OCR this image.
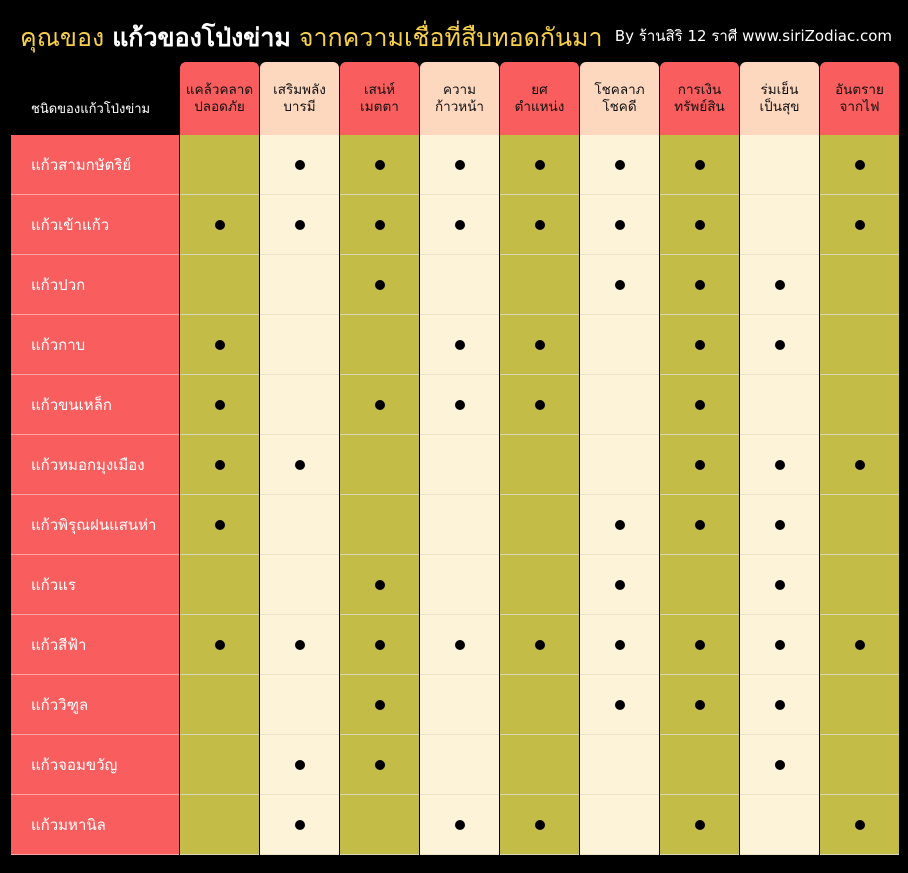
คุณของ แก้วของโป่งข่าม จากความเชื่อที่สืบทอดกันมา By ร้านสิริ 12 ราศี www.siriZodiac.com
ชนิดของแก้วโป่งข่าม
แคล้วคลาด
ปลอดภัย
เสริมพลัง
บารมี
เสน่ห์
เมตตา
ความ
ก้าวหน้า
ยศ
ตำแหน่ง
โชคลาภ
โชคดี
การเงิน
ทรัพย์สิน
ร่มเย็น
เป็นสุข
อันตราย
จากไฟ
แก้วสามกษัตริย์
แก้วเข้าแก้ว
แก้วปวก
แก้วกาบ
แก้วขนเหล็ก
แก้วหมอกมุงเมือง
แก้วพิรุณฝนแสนห่า
แก้วแร
แก้วสีฟ้า
แก้ววิฑูล
แก้วจอมขวัญ
แก้วมหานิล
